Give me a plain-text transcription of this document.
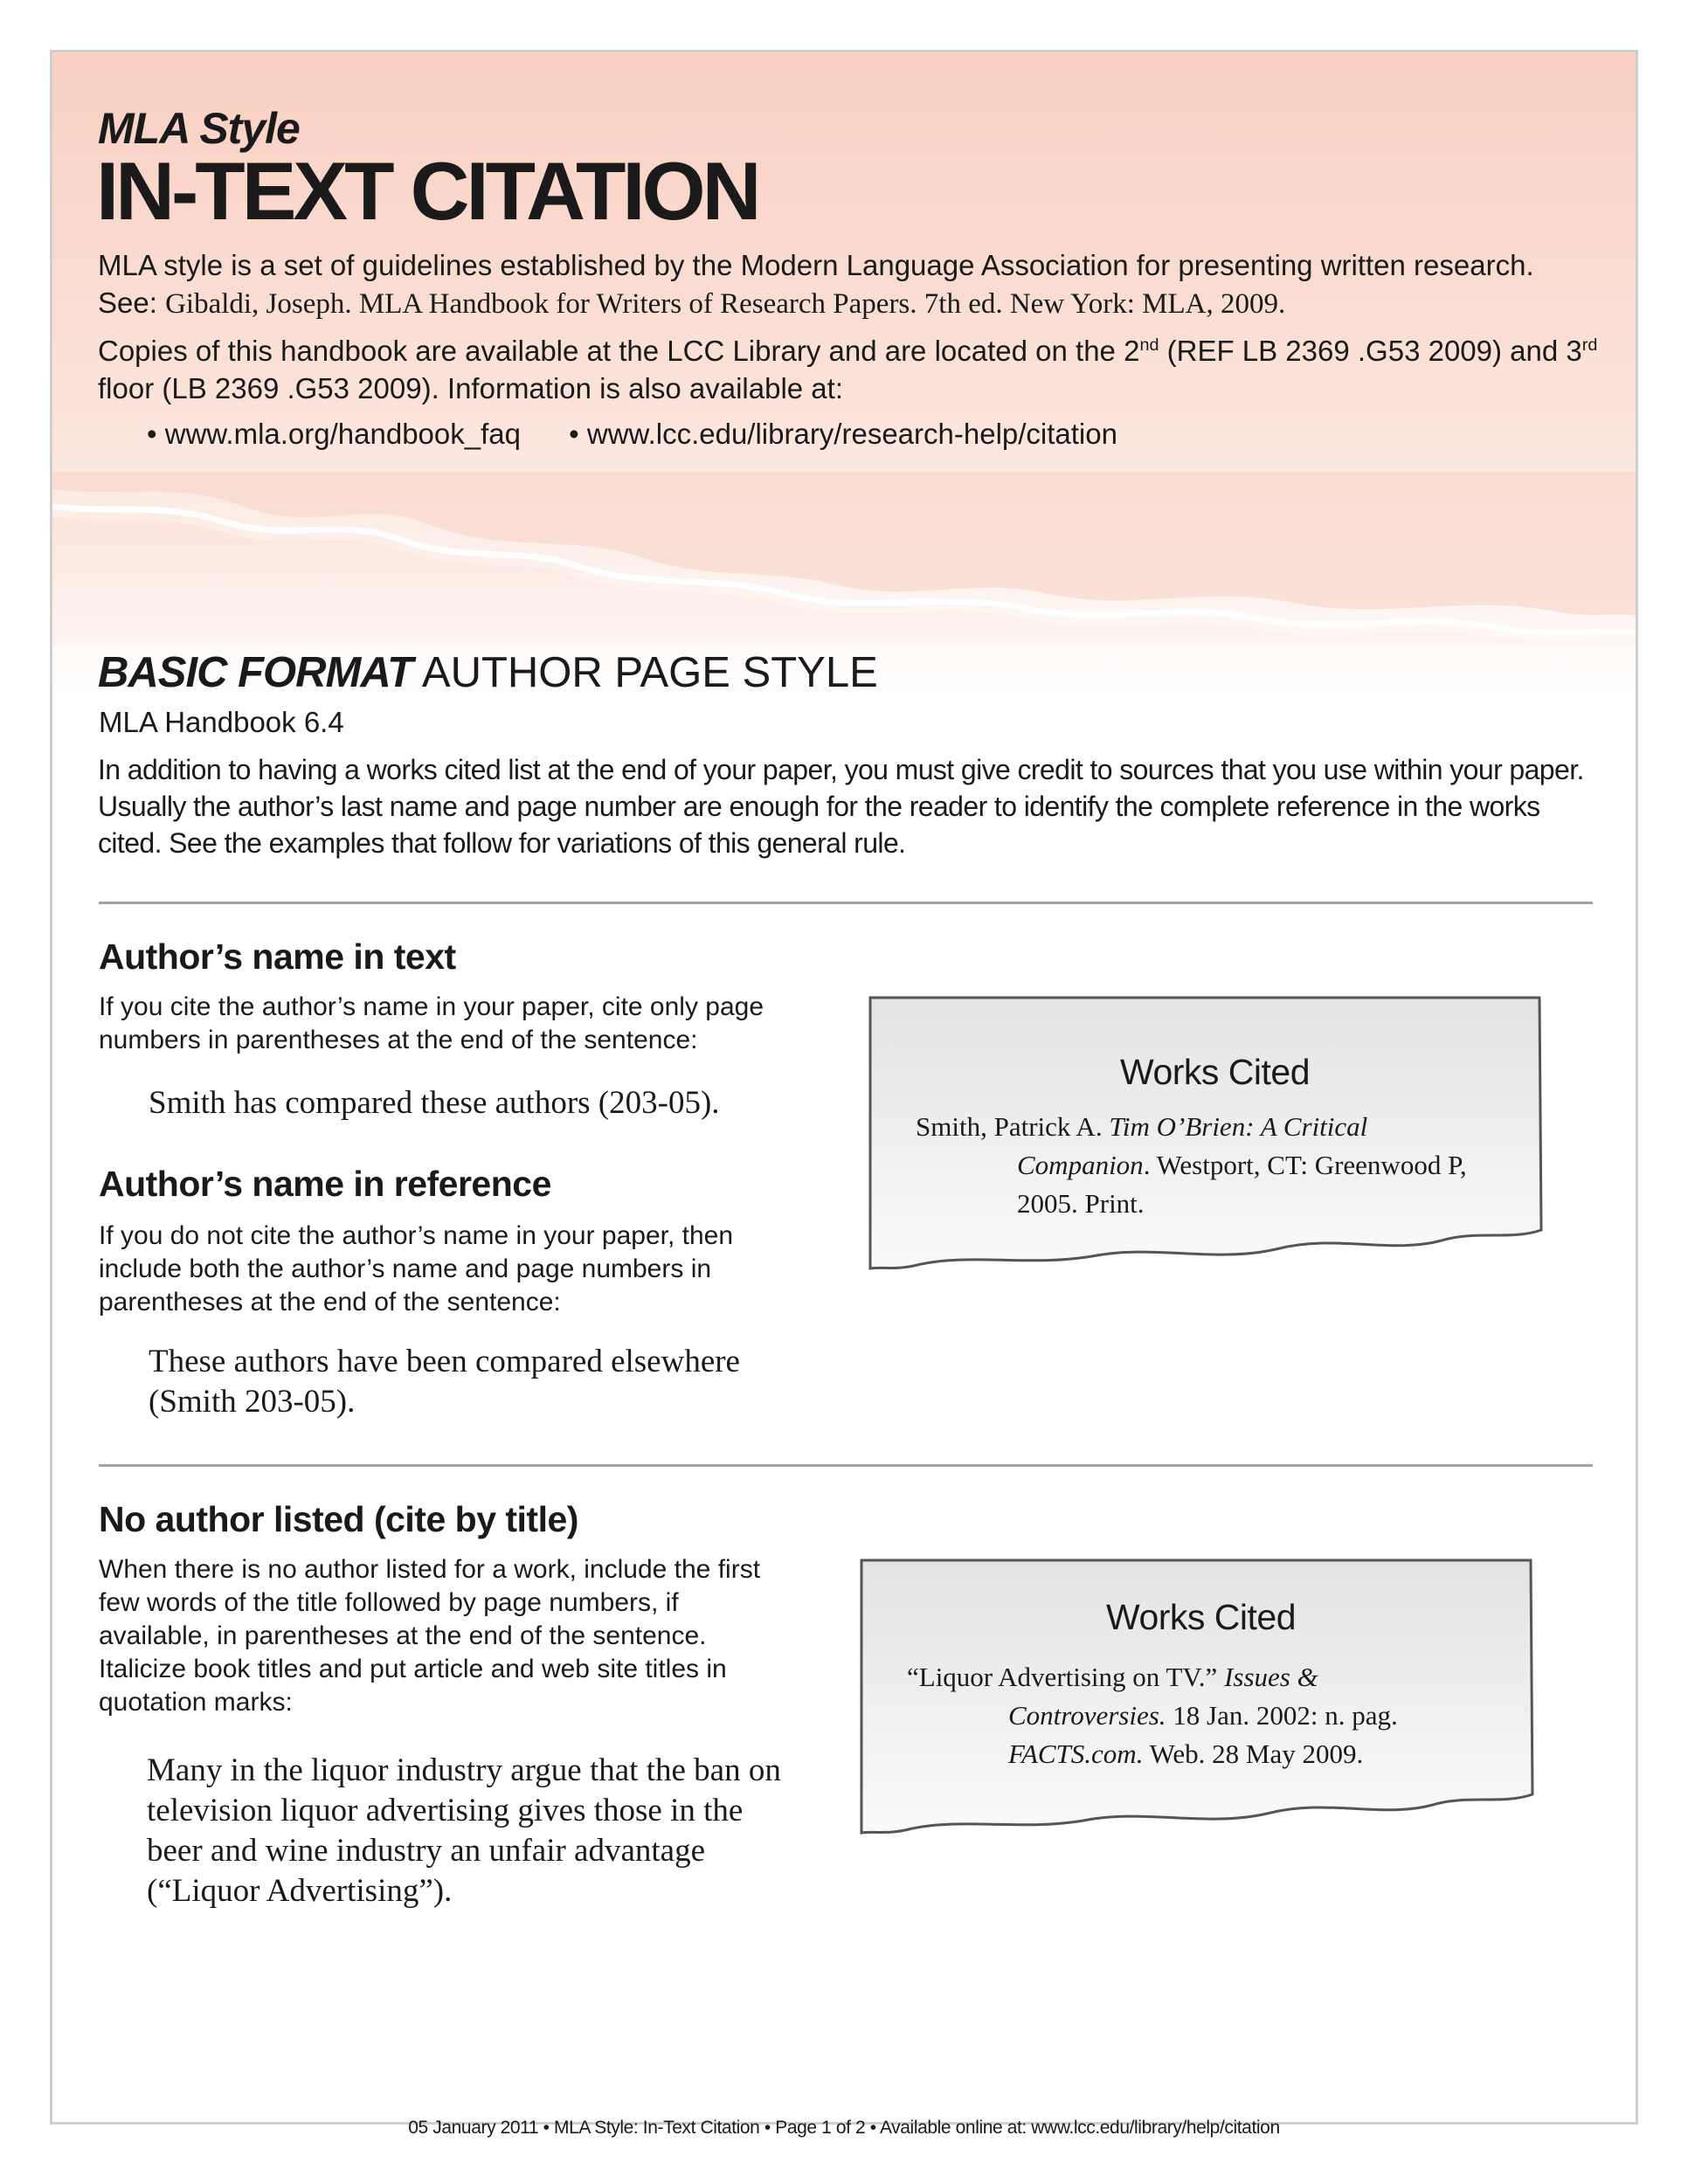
MLA Style
IN-TEXT CITATION
MLA style is a set of guidelines established by the Modern Language Association for presenting written research. See: Gibaldi, Joseph. MLA Handbook for Writers of Research Papers. 7th ed. New York: MLA, 2009.
Copies of this handbook are available at the LCC Library and are located on the 2nd (REF LB 2369 .G53 2009) and 3rd floor (LB 2369 .G53 2009). Information is also available at:
• www.mla.org/handbook_faq • www.lcc.edu/library/research-help/citation
BASIC FORMAT AUTHOR PAGE STYLE
MLA Handbook 6.4
In addition to having a works cited list at the end of your paper, you must give credit to sources that you use within your paper. Usually the author’s last name and page number are enough for the reader to identify the complete reference in the works cited. See the examples that follow for variations of this general rule.
Author’s name in text
If you cite the author’s name in your paper, cite only page numbers in parentheses at the end of the sentence:
Smith has compared these authors (203-05).
Author’s name in reference
If you do not cite the author’s name in your paper, then include both the author’s name and page numbers in parentheses at the end of the sentence:
These authors have been compared elsewhere (Smith 203-05).
Works Cited
Smith, Patrick A. Tim O’Brien: A Critical
Companion. Westport, CT: Greenwood P,
2005. Print.
No author listed (cite by title)
When there is no author listed for a work, include the first few words of the title followed by page numbers, if available, in parentheses at the end of the sentence. Italicize book titles and put article and web site titles in quotation marks:
Many in the liquor industry argue that the ban on television liquor advertising gives those in the beer and wine industry an unfair advantage (“Liquor Advertising”).
Works Cited
“Liquor Advertising on TV.” Issues &
Controversies. 18 Jan. 2002: n. pag.
FACTS.com. Web. 28 May 2009.
05 January 2011 • MLA Style: In-Text Citation • Page 1 of 2 • Available online at: www.lcc.edu/library/help/citation
